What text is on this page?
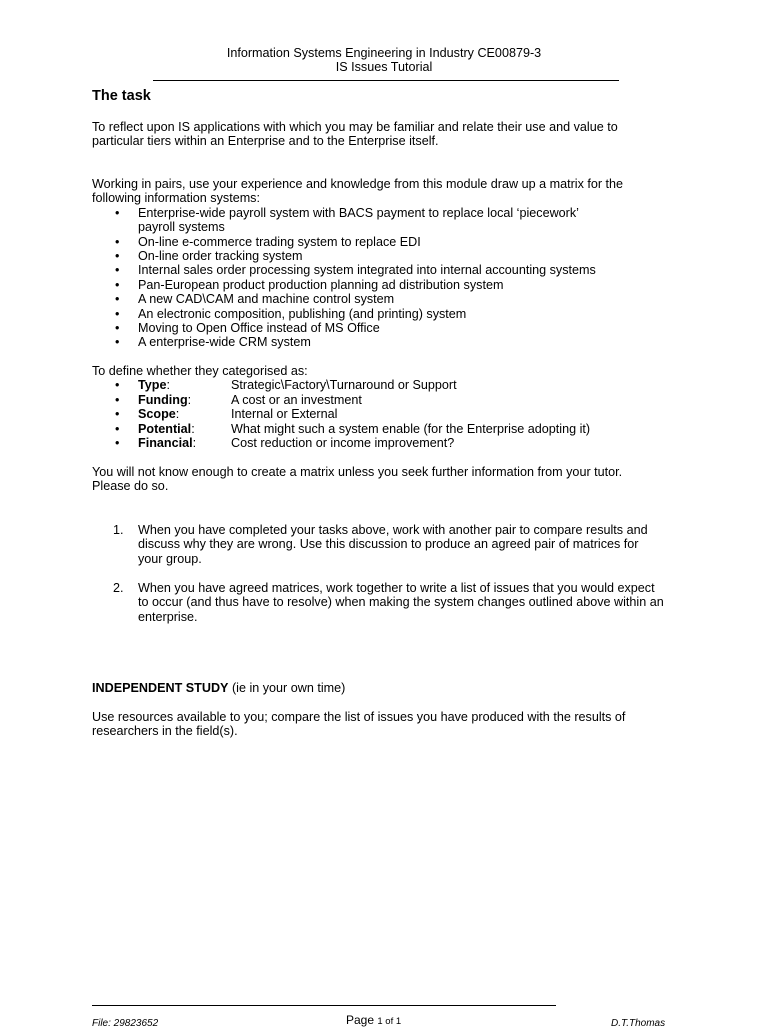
Information Systems Engineering in Industry CE00879-3
IS Issues Tutorial
The task
To reflect upon IS applications with which you may be familiar and relate their use and value to
particular tiers within an Enterprise and to the Enterprise itself.
Working in pairs, use your experience and knowledge from this module draw up a matrix for the
following information systems:
• Enterprise-wide payroll system with BACS payment to replace local ‘piecework’ payroll systems
• On-line e-commerce trading system to replace EDI
• On-line order tracking system
• Internal sales order processing system integrated into internal accounting systems
• Pan-European product production planning ad distribution system
• A new CAD\CAM and machine control system
• An electronic composition, publishing (and printing) system
• Moving to Open Office instead of MS Office
• A enterprise-wide CRM system
To define whether they categorised as:
• Type:	Strategic\Factory\Turnaround or Support
• Funding:	A cost or an investment
• Scope:	Internal or External
• Potential:	What might such a system enable (for the Enterprise adopting it)
• Financial:	Cost reduction or income improvement?
You will not know enough to create a matrix unless you seek further information from your tutor.
Please do so.
1. When you have completed your tasks above, work with another pair to compare results and
discuss why they are wrong. Use this discussion to produce an agreed pair of matrices for
your group.
2. When you have agreed matrices, work together to write a list of issues that you would expect
to occur (and thus have to resolve) when making the system changes outlined above within an
enterprise.
INDEPENDENT STUDY (ie in your own time)
Use resources available to you; compare the list of issues you have produced with the results of
researchers in the field(s).
File: 29823652	Page 1 of 1	D.T.Thomas
